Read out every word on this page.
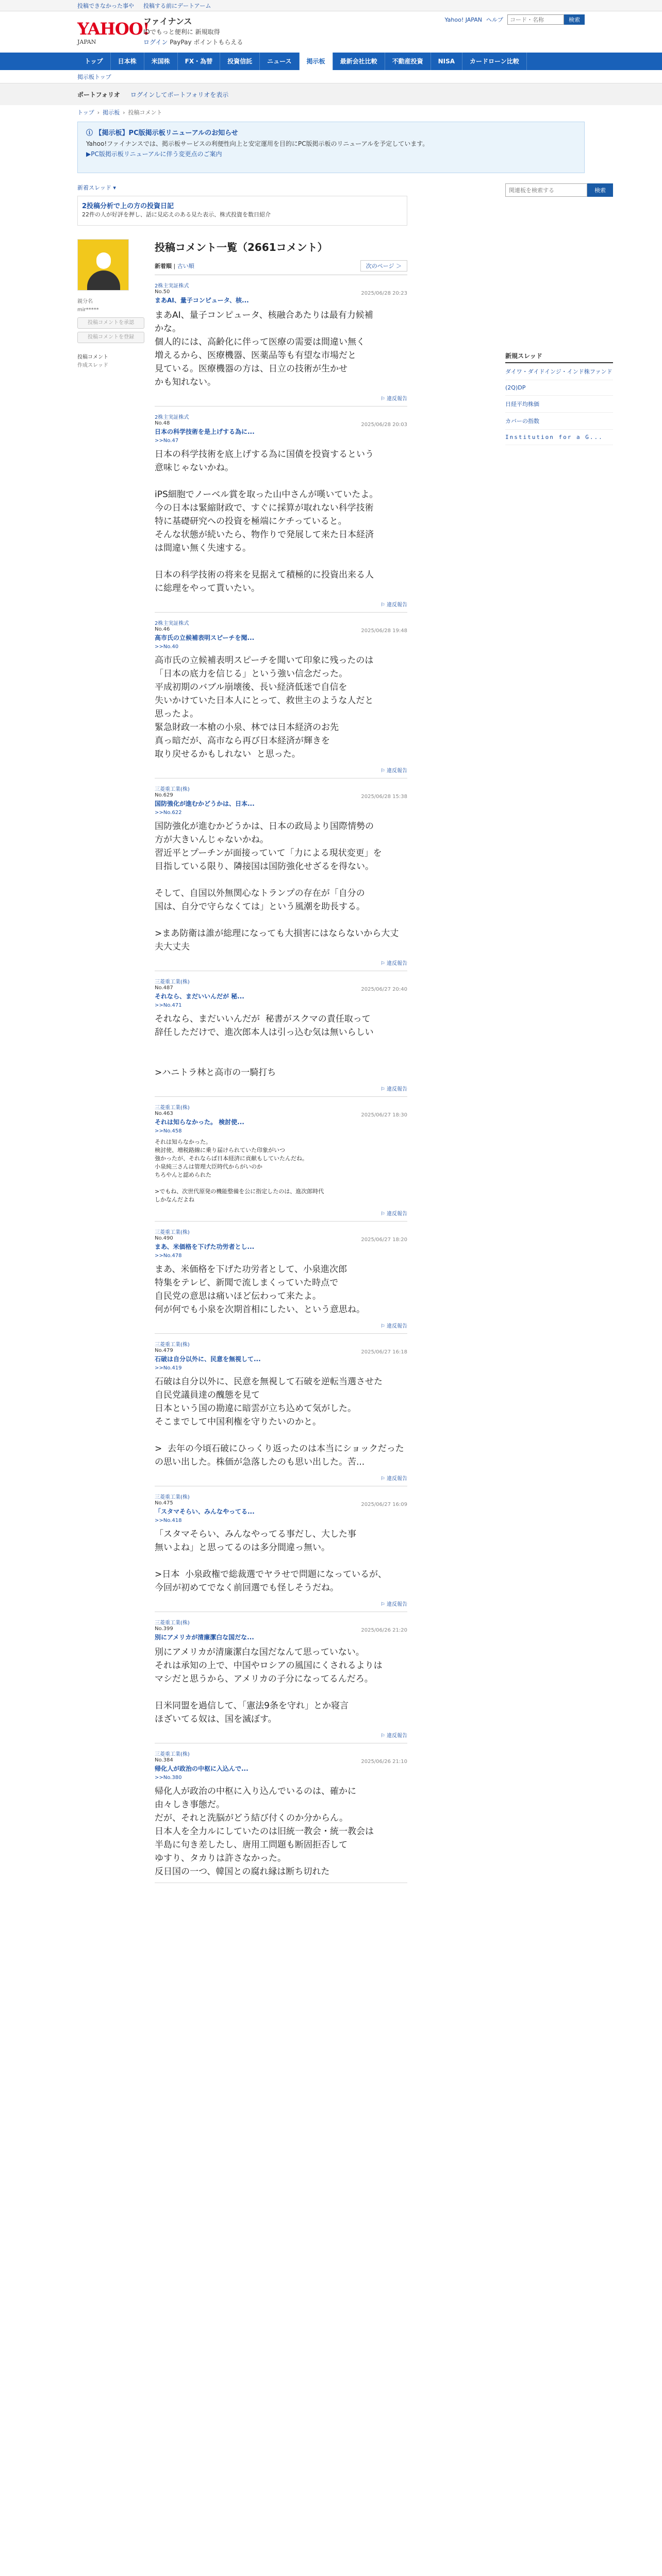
投稿できなかった事や 投稿する前にデートアーム
YAHOO!
JAPAN
ファイナンス
IDでもっと便利に 新規取得
ログイン PayPay ポイントもらえる
Yahoo! JAPAN ヘルプ
コード・名称	検索
トップ	日本株	米国株	FX・為替	投資信託	ニュース	掲示板	最新会社比較	不動産投資	NISA	カードローン比較
掲示板トップ
ポートフォリオ ログインしてポートフォリオを表示
トップ › 掲示板 › 投稿コメント
ⓘ 【掲示板】PC版掲示板リニューアルのお知らせ
Yahoo!ファイナンスでは、掲示板サービスの利便性向上と安定運用を目的にPC版掲示板のリニューアルを予定しています。
▶PC版掲示板リニューアルに伴う変更点のご案内
新着スレッド ▾
2投稿分析で上の方の投資日記
22件の人が好評を押し、話に見応えのある見た表示、株式投資を数日紹介
親分名
mir*****
投稿コメントを承認
投稿コメントを登録
投稿コメント
作成スレッド
投稿コメント一覧（2661コメント）
新着順 | 古い順	次のページ ＞
2株主実証株式
No.50	2025/06/28 20:23
まあAI、量子コンピュータ、核...
まあAI、量子コンピュータ、核融合あたりは最有力候補
かな。
個人的には、高齢化に伴って医療の需要は間違い無く
増えるから、医療機器、医薬品等も有望な市場だと
見ている。医療機器の方は、日立の技術が生かせ
かも知れない。
⚐ 違反報告
2株主実証株式
No.48	2025/06/28 20:03
日本の科学技術を是上げする為に...
>>No.47
日本の科学技術を底上げする為に国債を投資するという
意味じゃないかね。

iPS細胞でノーベル賞を取った山中さんが嘆いていたよ。
今の日本は緊縮財政で、すぐに採算が取れない科学技術
特に基礎研究への投資を極端にケチっていると。
そんな状態が続いたら、物作りで発展して来た日本経済
は間違い無く失速する。

日本の科学技術の将来を見据えて積極的に投資出来る人
に総理をやって貰いたい。
⚐ 違反報告
2株主実証株式
No.46	2025/06/28 19:48
高市氏の立候補表明スピーチを聞...
>>No.40
高市氏の立候補表明スピーチを聞いて印象に残ったのは
「日本の底力を信じる」という強い信念だった。
平成初期のバブル崩壊後、長い経済低迷で自信を
失いかけていた日本人にとって、救世主のような人だと
思ったよ。
緊急財政一本槍の小泉、林では日本経済のお先
真っ暗だが、高市なら再び日本経済が輝きを
取り戻せるかもしれない  と思った。
⚐ 違反報告
三菱重工業(株)
No.629	2025/06/28 15:38
国防強化が進むかどうかは、日本...
>>No.622
国防強化が進むかどうかは、日本の政局より国際情勢の
方が大きいんじゃないかね。
習近平とプーチンが面接っていて「力による現状変更」を
目指している限り、隣接国は国防強化せざるを得ない。

そして、自国以外無関心なトランプの存在が「自分の
国は、自分で守らなくては」という風潮を助長する。

>まあ防衛は誰が総理になっても大損害にはならないから大丈夫大丈夫
⚐ 違反報告
三菱重工業(株)
No.487	2025/06/27 20:40
それなら、まだいいんだが 秘...
>>No.471
それなら、まだいいんだが  秘書がスクマの責任取って
辞任しただけで、進次郎本人は引っ込む気は無いらしい

>ハニトラ林と高市の一騎打ち
⚐ 違反報告
三菱重工業(株)
No.463	2025/06/27 18:30
それは知らなかった。 検討使...
>>No.458
それは知らなかった。
検討使、増税路線に乗り届けられていた印象がいつ
強かったが、それならば日本経済に貢献もしていたんだね。
小泉純三さんは管理大臣時代からがいのか
ちろやんと認められた

>でもね、次世代原発の機能整備を公に指定したのは、進次郎時代
しかなんだよね
⚐ 違反報告
三菱重工業(株)
No.490	2025/06/27 18:20
まあ、米価格を下げた功労者とし...
>>No.478
まあ、米価格を下げた功労者として、小泉進次郎
特集をテレビ、新聞で流しまくっていた時点で
自民党の意思は痛いほど伝わって来たよ。
何が何でも小泉を次期首相にしたい、という意思ね。
⚐ 違反報告
三菱重工業(株)
No.479	2025/06/27 16:18
石破は自分以外に、民意を無視して...
>>No.419
石破は自分以外に、民意を無視して石破を逆転当選させた
自民党議員達の醜態を見て
日本という国の勘違に暗雲が立ち込めて気がした。
そこまでして中国利権を守りたいのかと。

>  去年の今頃石破にひっくり返ったのは本当にショックだった
の思い出した。株価が急落したのも思い出した。苦...
⚐ 違反報告
三菱重工業(株)
No.475	2025/06/27 16:09
「スタマそらい、みんなやってる...
>>No.418
「スタマそらい、みんなやってる事だし、大した事
無いよね」と思ってるのは多分間違っ無い。

>日本  小泉政権で総裁選でヤラせで問題になっているが、
今回が初めてでなく前回選でも怪しそうだね。
⚐ 違反報告
三菱重工業(株)
No.399	2025/06/26 21:20
別にアメリカが清廉潔白な国だな...
別にアメリカが清廉潔白な国だなんて思っていない。
それは承知の上で、中国やロシアの風国にくされるよりは
マシだと思うから、アメリカの子分になってるんだろ。

日米同盟を過信して、「憲法9条を守れ」とか寝言
ほざいてる奴は、国を滅ぼす。
⚐ 違反報告
三菱重工業(株)
No.384	2025/06/26 21:10
帰化人が政治の中枢に入込んで...
>>No.380
帰化人が政治の中枢に入り込んでいるのは、確かに
由々しき事態だ。
だが、それと洗脳がどう結び付くのか分からん。
日本人を全力ルにしていたのは旧統一教会・統一教会は
半島に句き差したし、唐用工問題も断固拒否して
ゆすり、タカりは許さなかった。
反日国の一つ、韓国との腐れ縁は断ち切れた
関連板を検索する
検索
新規スレッド
ダイワ・ダイドインジ・インド株ファンド
(2Q)DP
日経平均株価
カバーの指数
Institution for a G...
